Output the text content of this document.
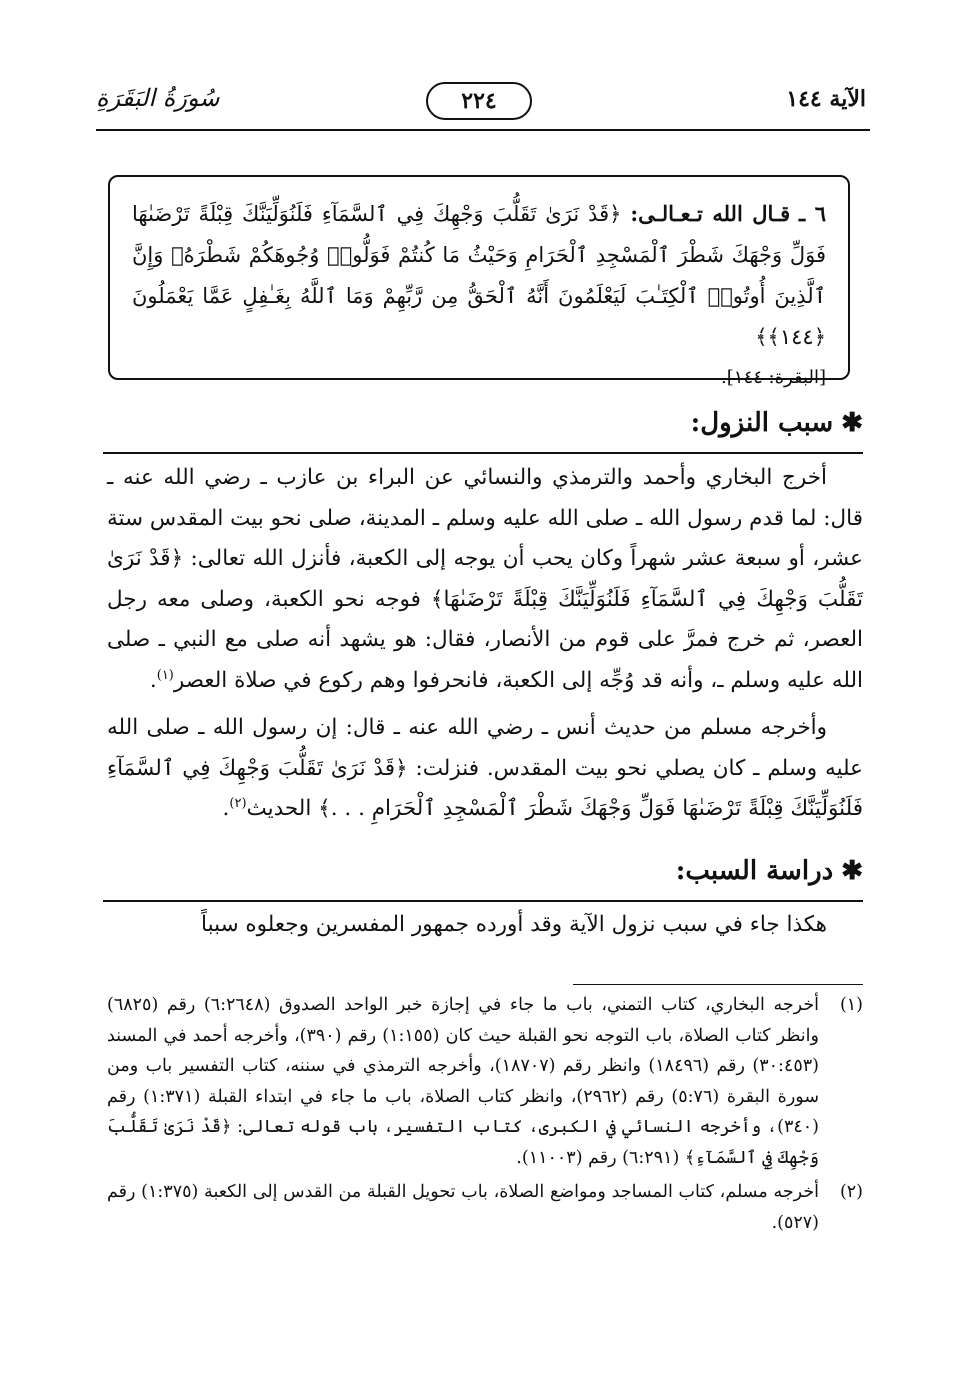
الآية ١٤٤
٢٢٤
سُورَةُ البَقَرَةِ
٦ ـ قـال الله تـعـالـى: ﴿قَدْ نَرَىٰ تَقَلُّبَ وَجْهِكَ فِي ٱلسَّمَآءِ فَلَنُوَلِّيَنَّكَ قِبْلَةً تَرْضَىٰهَا فَوَلِّ وَجْهَكَ شَطْرَ ٱلْمَسْجِدِ ٱلْحَرَامِ وَحَيْثُ مَا كُنتُمْ فَوَلُّوا۟ وُجُوهَكُمْ شَطْرَهُۥ وَإِنَّ ٱلَّذِينَ أُوتُوا۟ ٱلْكِتَـٰبَ لَيَعْلَمُونَ أَنَّهُ ٱلْحَقُّ مِن رَّبِّهِمْ وَمَا ٱللَّهُ بِغَـٰفِلٍ عَمَّا يَعْمَلُونَ ﴿١٤٤﴾﴾
[البقرة: ١٤٤].
✱سبب النزول:

أخرج البخاري وأحمد والترمذي والنسائي عن البراء بن عازب ـ رضي الله عنه ـ قال: لما قدم رسول الله ـ صلى الله عليه وسلم ـ المدينة، صلى نحو بيت المقدس ستة عشر، أو سبعة عشر شهراً وكان يحب أن يوجه إلى الكعبة، فأنزل الله تعالى: ﴿قَدْ نَرَىٰ تَقَلُّبَ وَجْهِكَ فِي ٱلسَّمَآءِ فَلَنُوَلِّيَنَّكَ قِبْلَةً تَرْضَىٰهَا﴾ فوجه نحو الكعبة، وصلى معه رجل العصر، ثم خرج فمرَّ على قوم من الأنصار، فقال: هو يشهد أنه صلى مع النبي ـ صلى الله عليه وسلم ـ، وأنه قد وُجِّه إلى الكعبة، فانحرفوا وهم ركوع في صلاة العصر$^{(١)}$.

وأخرجه مسلم من حديث أنس ـ رضي الله عنه ـ قال: إن رسول الله ـ صلى الله عليه وسلم ـ كان يصلي نحو بيت المقدس. فنزلت: ﴿قَدْ نَرَىٰ تَقَلُّبَ وَجْهِكَ فِي ٱلسَّمَآءِ فَلَنُوَلِّيَنَّكَ قِبْلَةً تَرْضَىٰهَا فَوَلِّ وَجْهَكَ شَطْرَ ٱلْمَسْجِدِ ٱلْحَرَامِ . . .﴾ الحديث$^{(٢)}$.

✱دراسة السبب:

هكذا جاء في سبب نزول الآية وقد أورده جمهور المفسرين وجعلوه سبباً

(١)
أخرجه البخاري، كتاب التمني، باب ما جاء في إجازة خبر الواحد الصدوق (٦:٢٦٤٨) رقم (٦٨٢٥) وانظر كتاب الصلاة، باب التوجه نحو القبلة حيث كان (١:١٥٥) رقم (٣٩٠)، وأخرجه أحمد في المسند (٣٠:٤٥٣) رقم (١٨٤٩٦) وانظر رقم (١٨٧٠٧)، وأخرجه الترمذي في سننه، كتاب التفسير باب ومن سورة البقرة (٥:٧٦) رقم (٢٩٦٢)، وانظر كتاب الصلاة، باب ما جاء في ابتداء القبلة (١:٣٧١) رقم (٣٤٠)، وأخرجه النسائي في الكبرى، كتاب التفسير، باب قوله تعالى: ﴿قَدْ نَرَىٰ تَقَلُّبَ وَجْهِكَ فِي ٱلسَّمَآءِ﴾ (٦:٢٩١) رقم (١١٠٠٣).
(٢)
أخرجه مسلم، كتاب المساجد ومواضع الصلاة، باب تحويل القبلة من القدس إلى الكعبة (١:٣٧٥) رقم (٥٢٧).
